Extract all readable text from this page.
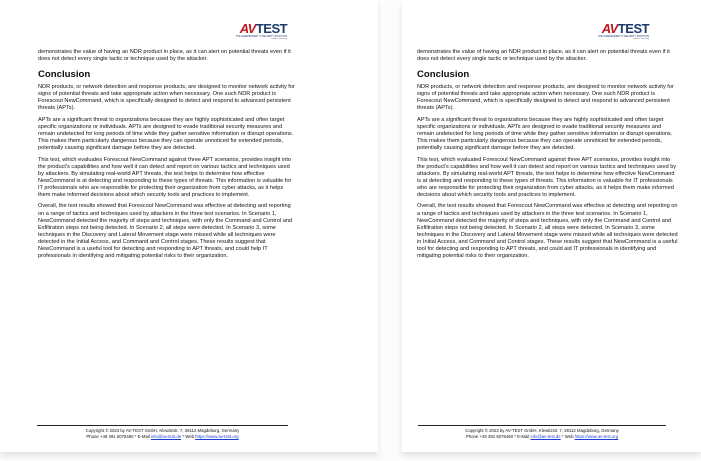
AV TEST
THE INDEPENDENT IT-SECURITY INSTITUTE
made in Germany

demonstrates the value of having an NDR product in place, as it can alert on potential threats even if it does not detect every single tactic or technique used by the attacker.

Conclusion

NDR products, or network detection and response products, are designed to monitor network activity for signs of potential threats and take appropriate action when necessary. One such NDR product is Forescout NewCommand, which is specifically designed to detect and respond to advanced persistent threats (APTs).

APTs are a significant threat to organizations because they are highly sophisticated and often target specific organizations or individuals. APTs are designed to evade traditional security measures and remain undetected for long periods of time while they gather sensitive information or disrupt operations. This makes them particularly dangerous because they can operate unnoticed for extended periods, potentially causing significant damage before they are detected.

This test, which evaluates Forescout NewCommand against three APT scenarios, provides insight into the product's capabilities and how well it can detect and report on various tactics and techniques used by attackers. By simulating real-world APT threats, the test helps to determine how effective NewCommand is at detecting and responding to these types of threats. This information is valuable for IT professionals who are responsible for protecting their organization from cyber attacks, as it helps them make informed decisions about which security tools and practices to implement.

Overall, the test results showed that Forescout NewCommand was effective at detecting and reporting on a range of tactics and techniques used by attackers in the three test scenarios. In Scenario 1, NewCommand detected the majority of steps and techniques, with only the Command and Control and Exfiltration steps not being detected. In Scenario 2, all steps were detected. In Scenario 3, some techniques in the Discovery and Lateral Movement stage were missed while all techniques were detected in the Initial Access, and Command and Control stages. These results suggest that NewCommand is a useful tool for detecting and responding to APT threats, and could help IT professionals in identifying and mitigating potential risks to their organization.

Copyright © 2023 by AV-TEST GmbH, Klewitzstr. 7, 39112 Magdeburg, Germany
Phone +49 391 6075460 * E-Mail info@av-test.de * Web https://www.av-test.org
AV TEST
THE INDEPENDENT IT-SECURITY INSTITUTE
made in Germany

demonstrates the value of having an NDR product in place, as it can alert on potential threats even if it does not detect every single tactic or technique used by the attacker.

Conclusion

NDR products, or network detection and response products, are designed to monitor network activity for signs of potential threats and take appropriate action when necessary. One such NDR product is Forescout NewCommand, which is specifically designed to detect and respond to advanced persistent threats (APTs).

APTs are a significant threat to organizations because they are highly sophisticated and often target specific organizations or individuals. APTs are designed to evade traditional security measures and remain undetected for long periods of time while they gather sensitive information or disrupt operations. This makes them particularly dangerous because they can operate unnoticed for extended periods, potentially causing significant damage before they are detected.

This test, which evaluated Forescout NewCommand against three APT scenarios, provides insight into the product's capabilities and how well it can detect and report on various tactics and techniques used by attackers. By simulating real-world APT threats, the test helps to determine how effective NewCommand is at detecting and responding to these types of threats. This information is valuable for IT professionals who are responsible for protecting their organization from cyber attacks, as it helps them make informed decisions about which security tools and practices to implement.

Overall, the test results showed that Forescout NewCommand was effective at detecting and reporting on a range of tactics and techniques used by attackers in the three test scenarios. In Scenario 1, NewCommand detected the majority of steps and techniques, with only the Command and Control and Exfiltration steps not being detected. In Scenario 2, all steps were detected. In Scenario 3, some techniques in the Discovery and Lateral Movement stage were missed while all techniques were detected in Initial Access, and Command and Control stages. These results suggest that NewCommand is a useful tool for detecting and responding to APT threats, and could aid IT professionals in identifying and mitigating potential risks to their organization.

Copyright © 2023 by AV-TEST GmbH, Klewitzstr. 7, 39112 Magdeburg, Germany
Phone +49 391 6075460 * E-Mail info@av-test.de * Web https://www.av-test.org
